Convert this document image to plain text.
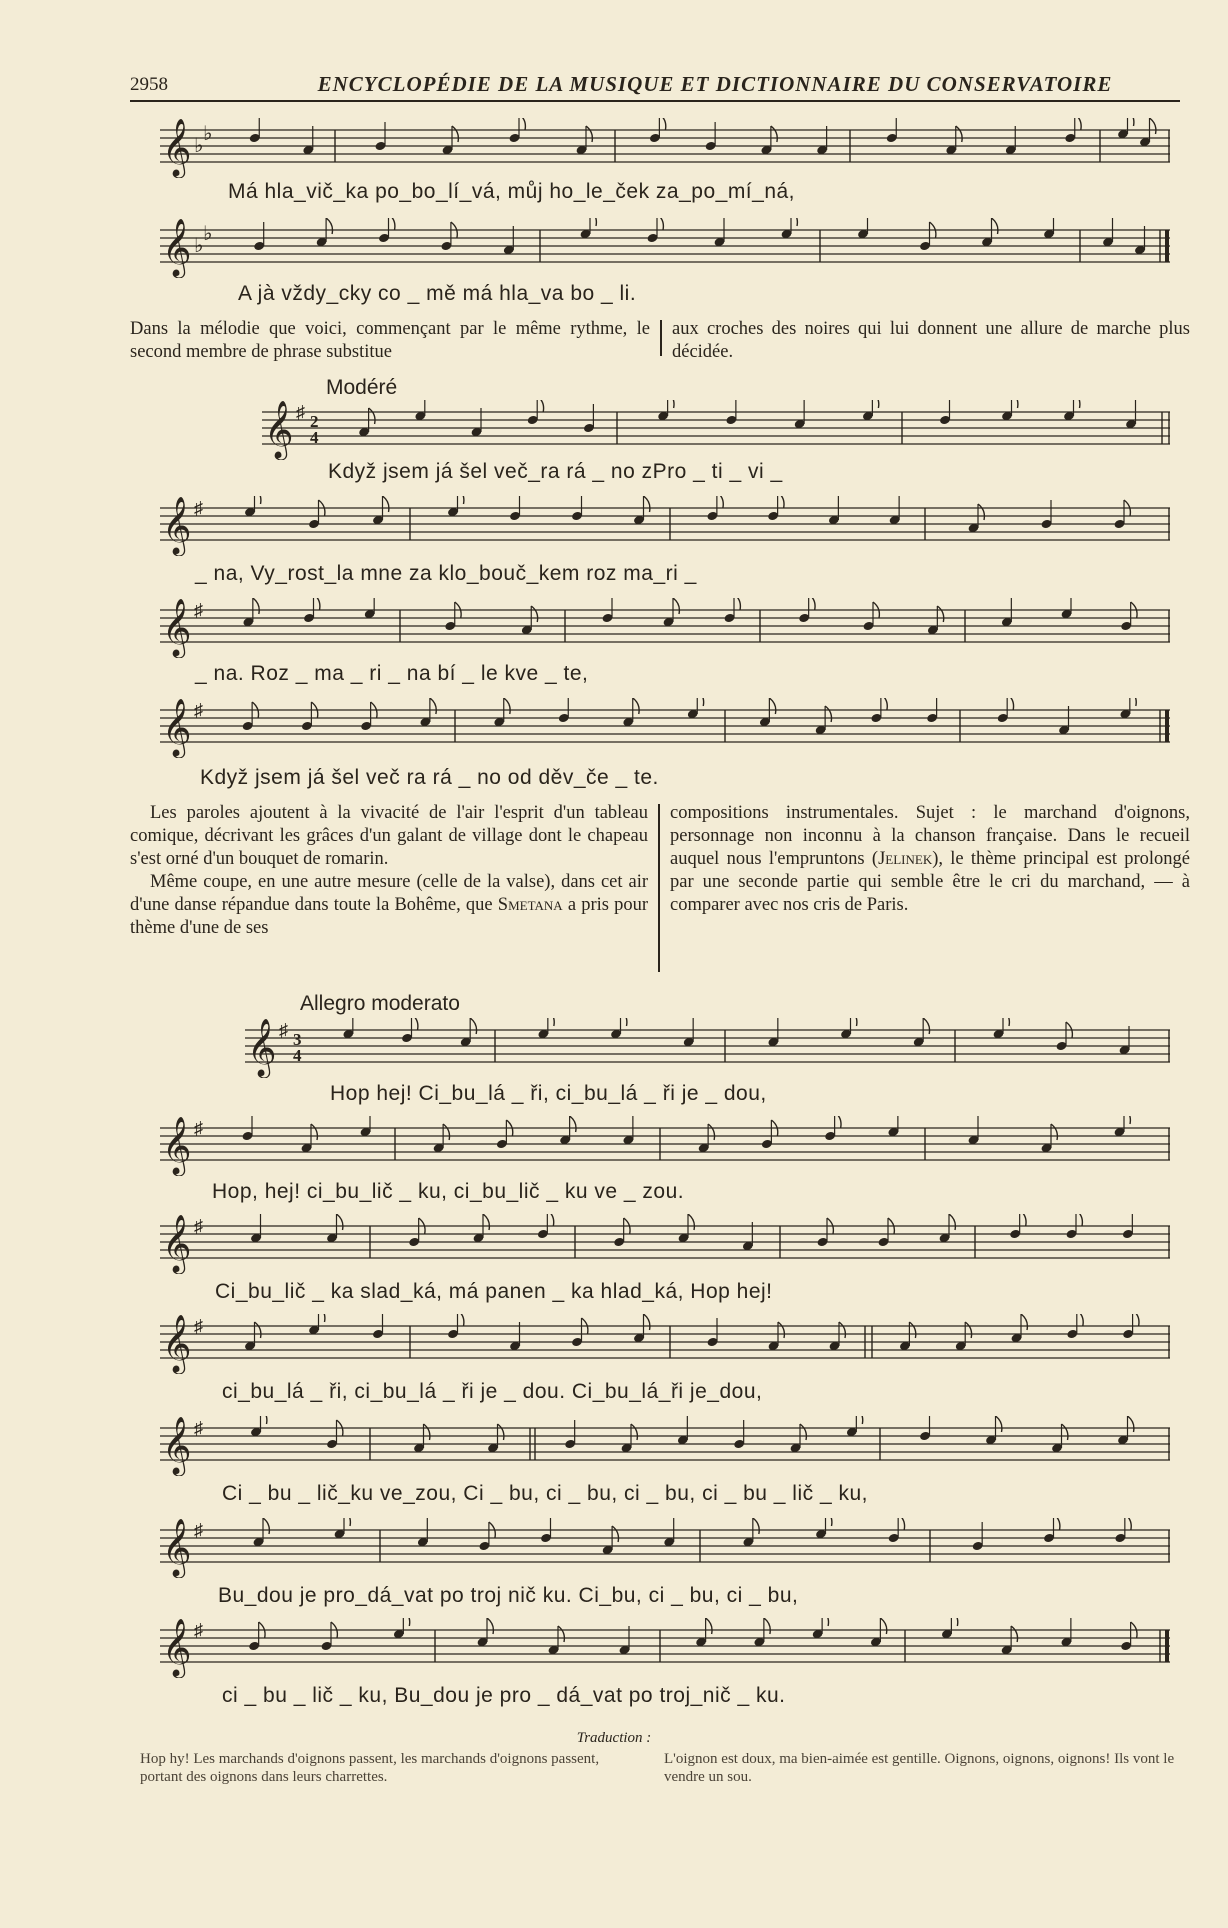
2958	ENCYCLOPÉDIE DE LA MUSIQUE ET DICTIONNAIRE DU CONSERVATOIRE
𝄞 ♭
♭
Má hla_vič_ka po_bo_lí_vá, můj ho_le_ček za_po_mí_ná,
𝄞 ♭
♭
A jà vždy_cky co _ mě má hla_va bo _ li.
Dans la mélodie que voici, commençant par le même rythme, le second membre de phrase substitue
aux croches des noires qui lui donnent une allure de marche plus décidée.
Modéré
𝄞 ♯ 2
4
Když jsem já šel več_ra rá _ no zPro _ ti _ vi _
𝄞 ♯
_ na, Vy_rost_la mne za klo_bouč_kem roz ma_ri _
𝄞 ♯
_ na. Roz _ ma _ ri _ na bí _ le kve _ te,
𝄞 ♯
Když jsem já šel več ra rá _ no od děv_če _ te.

Les paroles ajoutent à la vivacité de l'air l'esprit d'un tableau comique, décrivant les grâces d'un galant de village dont le chapeau s'est orné d'un bouquet de romarin.

Même coupe, en une autre mesure (celle de la valse), dans cet air d'une danse répandue dans toute la Bohême, que Smetana a pris pour thème d'une de ses

compositions instrumentales. Sujet : le marchand d'oignons, personnage non inconnu à la chanson française. Dans le recueil auquel nous l'empruntons (Jelinek), le thème principal est prolongé par une seconde partie qui semble être le cri du marchand, — à comparer avec nos cris de Paris.

Allegro moderato
𝄞 ♯ 3
4
Hop hej! Ci_bu_lá _ ři, ci_bu_lá _ ři je _ dou,
𝄞 ♯
Hop, hej! ci_bu_lič _ ku, ci_bu_lič _ ku ve _ zou.
𝄞 ♯
Ci_bu_lič _ ka slad_ká, má panen _ ka hlad_ká, Hop hej!
𝄞 ♯
ci_bu_lá _ ři, ci_bu_lá _ ři je _ dou. Ci_bu_lá_ři je_dou,
𝄞 ♯
Ci _ bu _ lič_ku ve_zou, Ci _ bu, ci _ bu, ci _ bu, ci _ bu _ lič _ ku,
𝄞 ♯
Bu_dou je pro_dá_vat po troj nič ku. Ci_bu, ci _ bu, ci _ bu,
𝄞 ♯
ci _ bu _ lič _ ku, Bu_dou je pro _ dá_vat po troj_nič _ ku.
Traduction :
Hop hy! Les marchands d'oignons passent, les marchands d'oignons passent, portant des oignons dans leurs charrettes.
L'oignon est doux, ma bien-aimée est gentille. Oignons, oignons, oignons! Ils vont le vendre un sou.
